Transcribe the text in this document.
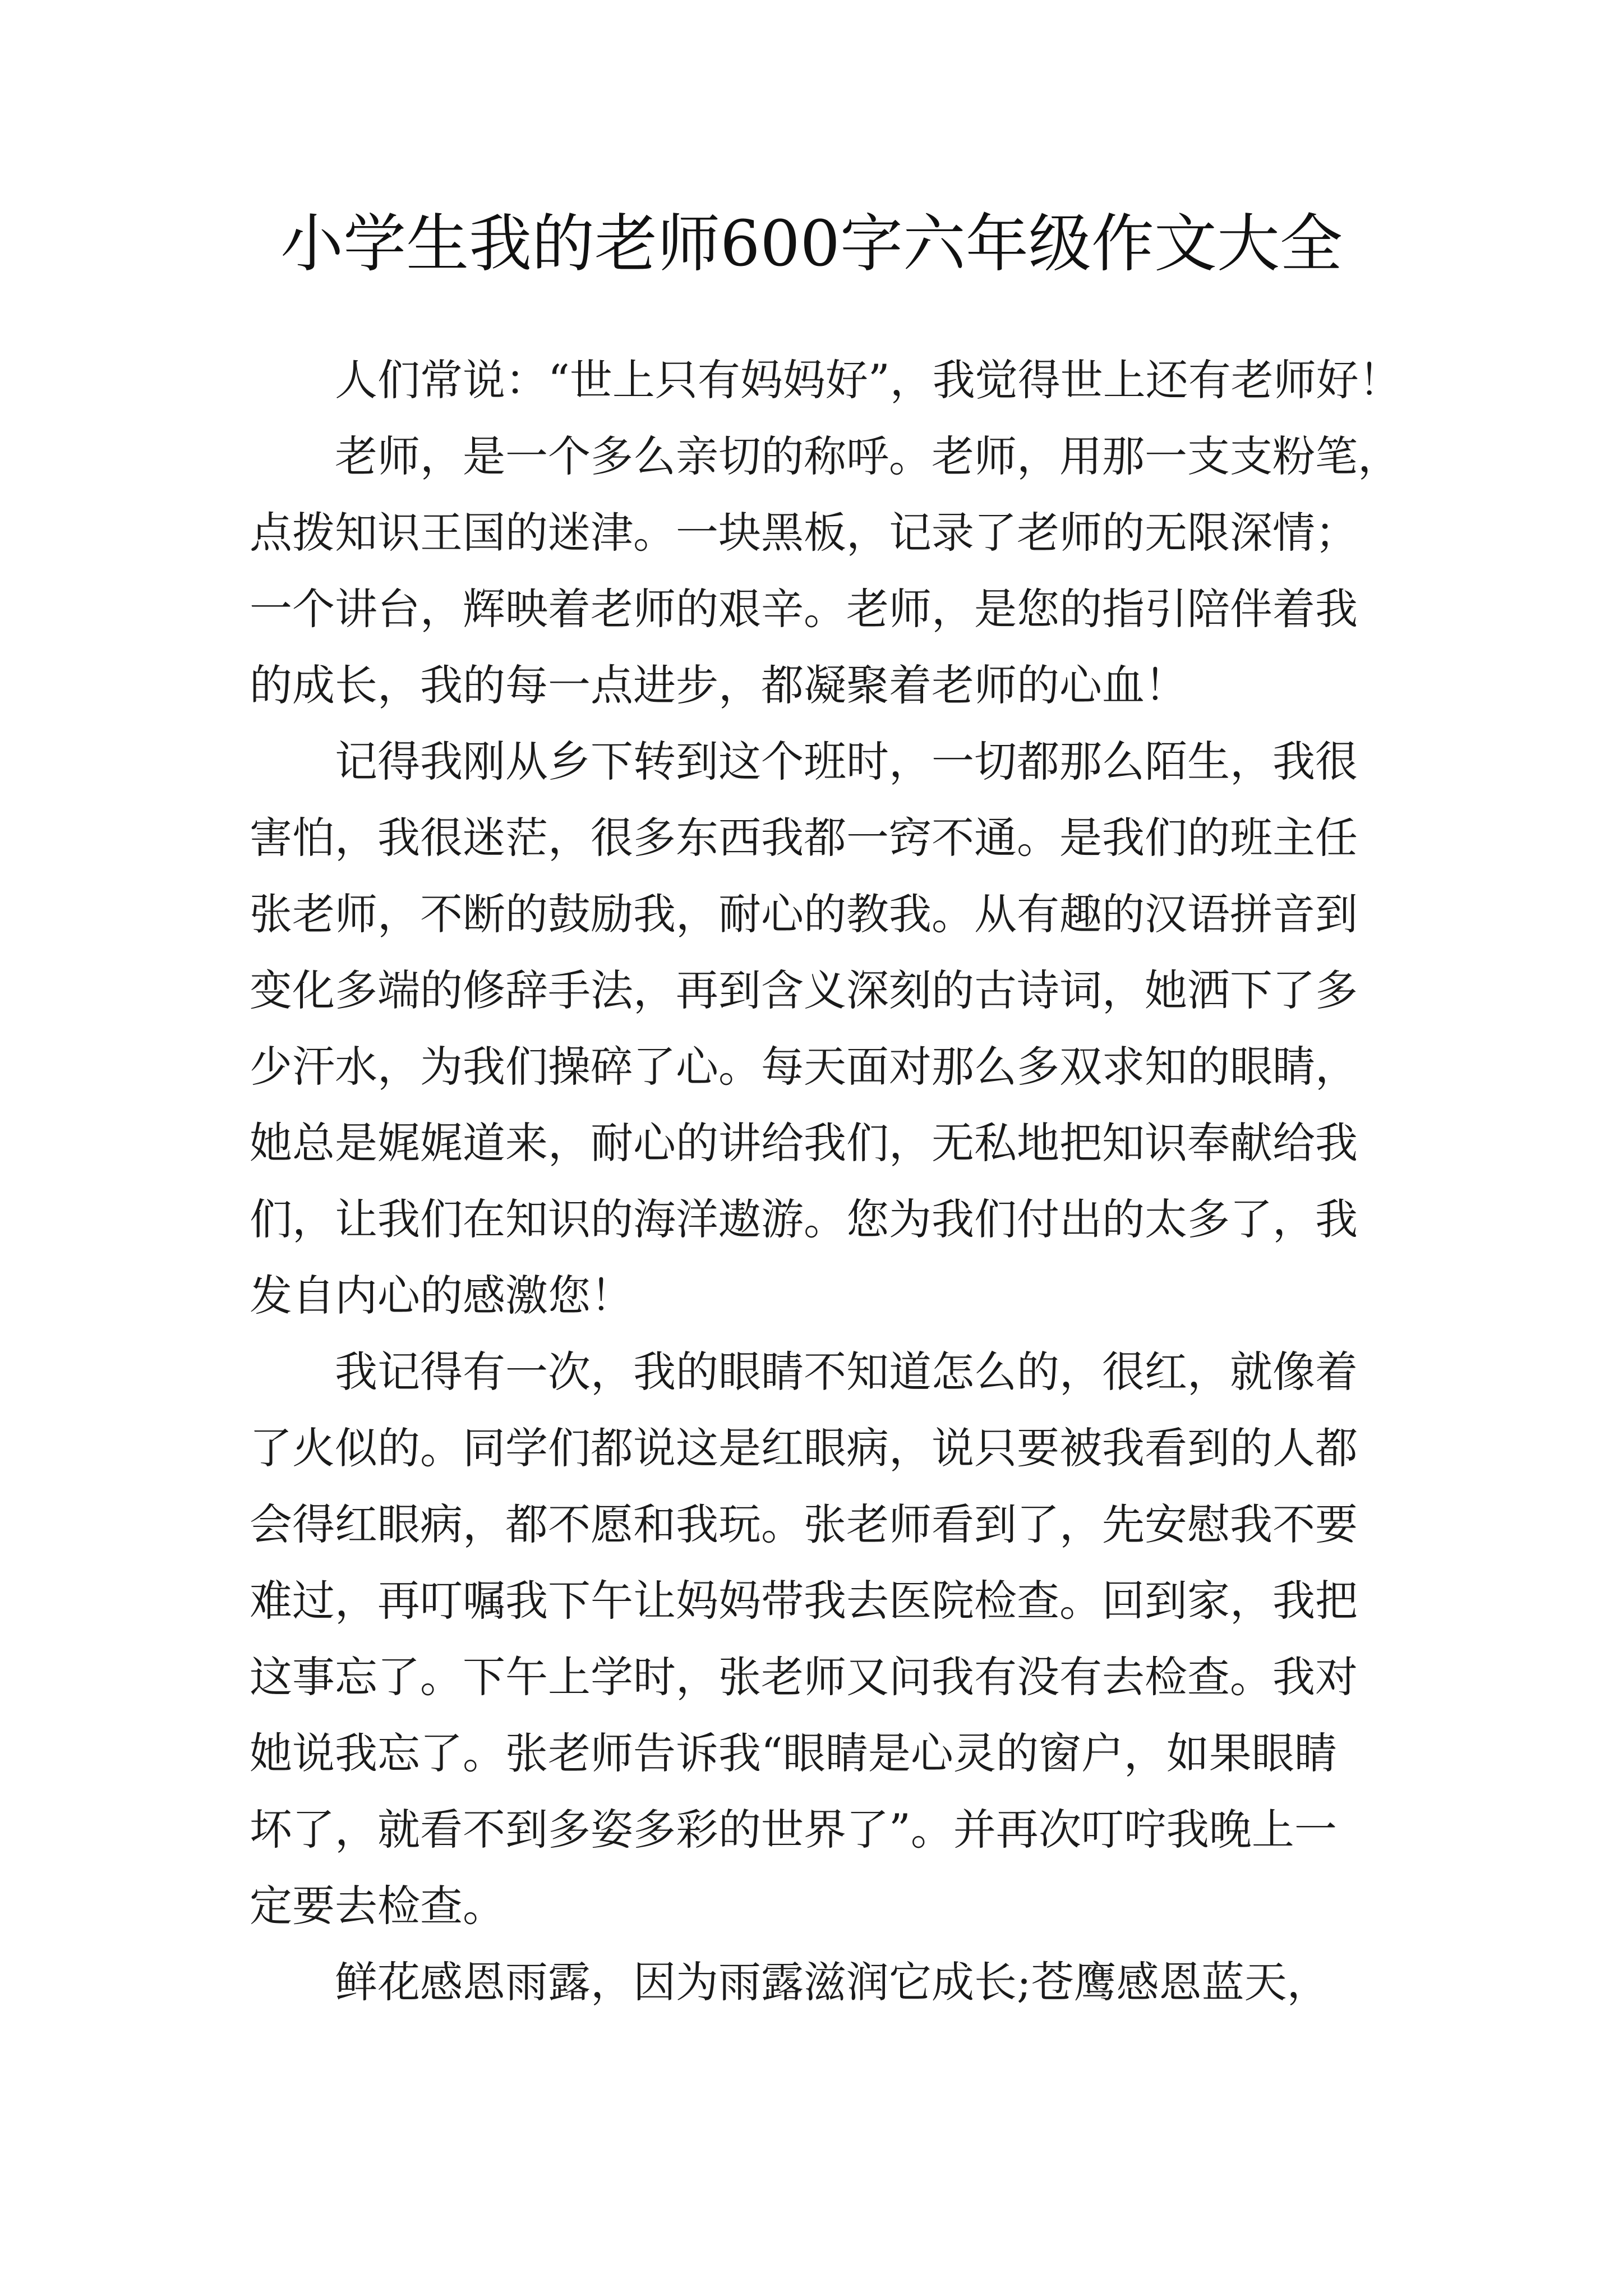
小学生我的老师600字六年级作文大全
人们常说：“世上只有妈妈好”，我觉得世上还有老师好！
老师，是一个多么亲切的称呼。老师，用那一支支粉笔，
点拨知识王国的迷津。一块黑板，记录了老师的无限深情；
一个讲台，辉映着老师的艰辛。老师，是您的指引陪伴着我
的成长，我的每一点进步，都凝聚着老师的心血！
记得我刚从乡下转到这个班时，一切都那么陌生，我很
害怕，我很迷茫，很多东西我都一窍不通。是我们的班主任
张老师，不断的鼓励我，耐心的教我。从有趣的汉语拼音到
变化多端的修辞手法，再到含义深刻的古诗词，她洒下了多
少汗水，为我们操碎了心。每天面对那么多双求知的眼睛，
她总是娓娓道来，耐心的讲给我们，无私地把知识奉献给我
们，让我们在知识的海洋遨游。您为我们付出的太多了，我
发自内心的感激您！
我记得有一次，我的眼睛不知道怎么的，很红，就像着
了火似的。同学们都说这是红眼病，说只要被我看到的人都
会得红眼病，都不愿和我玩。张老师看到了，先安慰我不要
难过，再叮嘱我下午让妈妈带我去医院检查。回到家，我把
这事忘了。下午上学时，张老师又问我有没有去检查。我对
她说我忘了。张老师告诉我“眼睛是心灵的窗户，如果眼睛
坏了，就看不到多姿多彩的世界了”。并再次叮咛我晚上一
定要去检查。
鲜花感恩雨露，因为雨露滋润它成长;苍鹰感恩蓝天，
